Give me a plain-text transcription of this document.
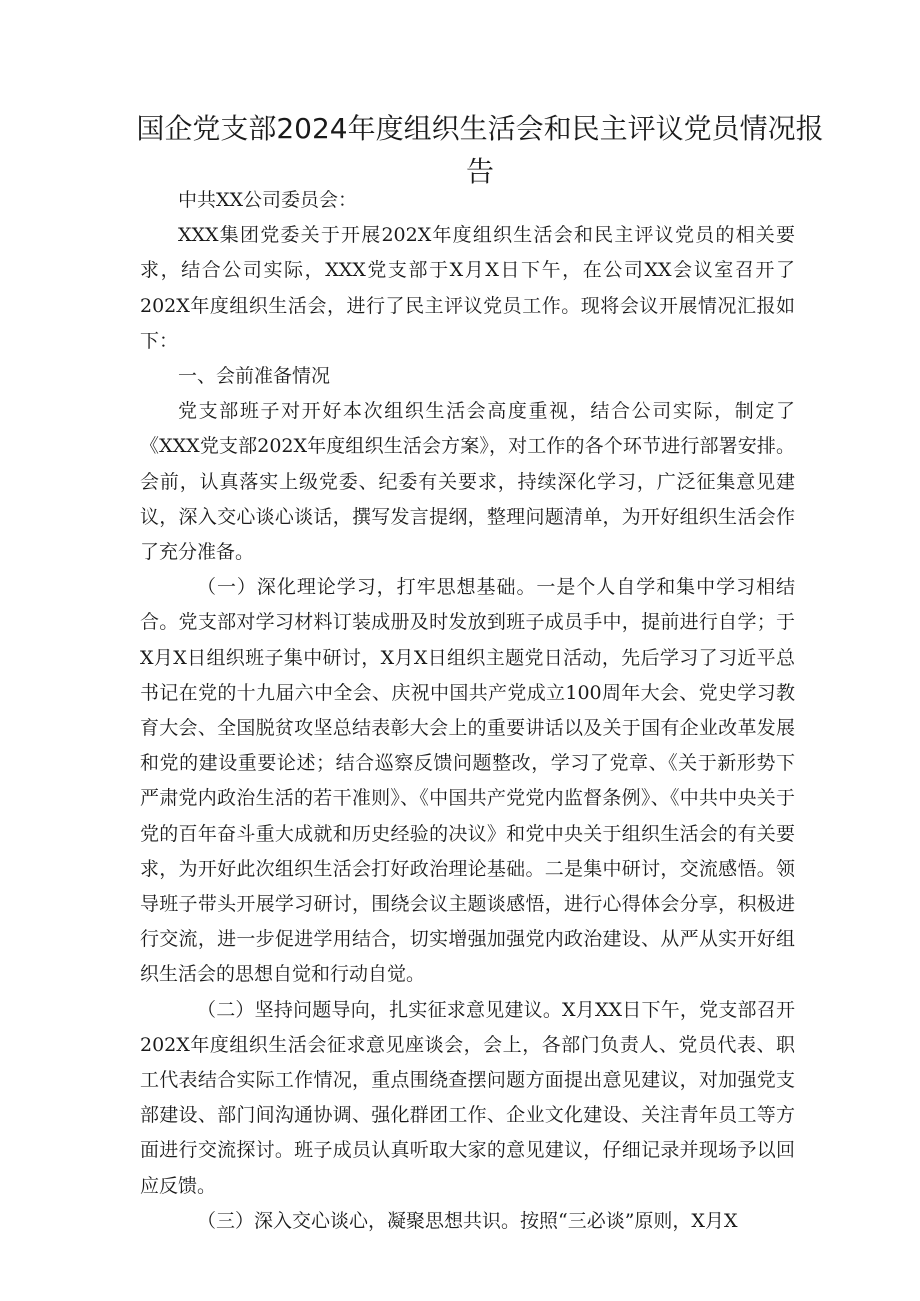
国企党支部2024年度组织生活会和民主评议党员情况报告

中共XX公司委员会：

XXX集团党委关于开展202X年度组织生活会和民主评议党员的相关要求，结合公司实际，XXX党支部于X月X日下午，在公司XX会议室召开了202X年度组织生活会，进行了民主评议党员工作。现将会议开展情况汇报如下：

一、会前准备情况

党支部班子对开好本次组织生活会高度重视，结合公司实际，制定了《XXX党支部202X年度组织生活会方案》，对工作的各个环节进行部署安排。会前，认真落实上级党委、纪委有关要求，持续深化学习，广泛征集意见建议，深入交心谈心谈话，撰写发言提纲，整理问题清单，为开好组织生活会作了充分准备。

（一）深化理论学习，打牢思想基础。一是个人自学和集中学习相结合。党支部对学习材料订装成册及时发放到班子成员手中，提前进行自学；于X月X日组织班子集中研讨，X月X日组织主题党日活动，先后学习了习近平总书记在党的十九届六中全会、庆祝中国共产党成立100周年大会、党史学习教育大会、全国脱贫攻坚总结表彰大会上的重要讲话以及关于国有企业改革发展和党的建设重要论述；结合巡察反馈问题整改，学习了党章、《关于新形势下严肃党内政治生活的若干准则》、《中国共产党党内监督条例》、《中共中央关于党的百年奋斗重大成就和历史经验的决议》和党中央关于组织生活会的有关要求，为开好此次组织生活会打好政治理论基础。二是集中研讨，交流感悟。领导班子带头开展学习研讨，围绕会议主题谈感悟，进行心得体会分享，积极进行交流，进一步促进学用结合，切实增强加强党内政治建设、从严从实开好组织生活会的思想自觉和行动自觉。

（二）坚持问题导向，扎实征求意见建议。X月XX日下午，党支部召开202X年度组织生活会征求意见座谈会，会上，各部门负责人、党员代表、职工代表结合实际工作情况，重点围绕查摆问题方面提出意见建议，对加强党支部建设、部门间沟通协调、强化群团工作、企业文化建设、关注青年员工等方面进行交流探讨。班子成员认真听取大家的意见建议，仔细记录并现场予以回应反馈。

（三）深入交心谈心，凝聚思想共识。按照“三必谈”原则，X月X
